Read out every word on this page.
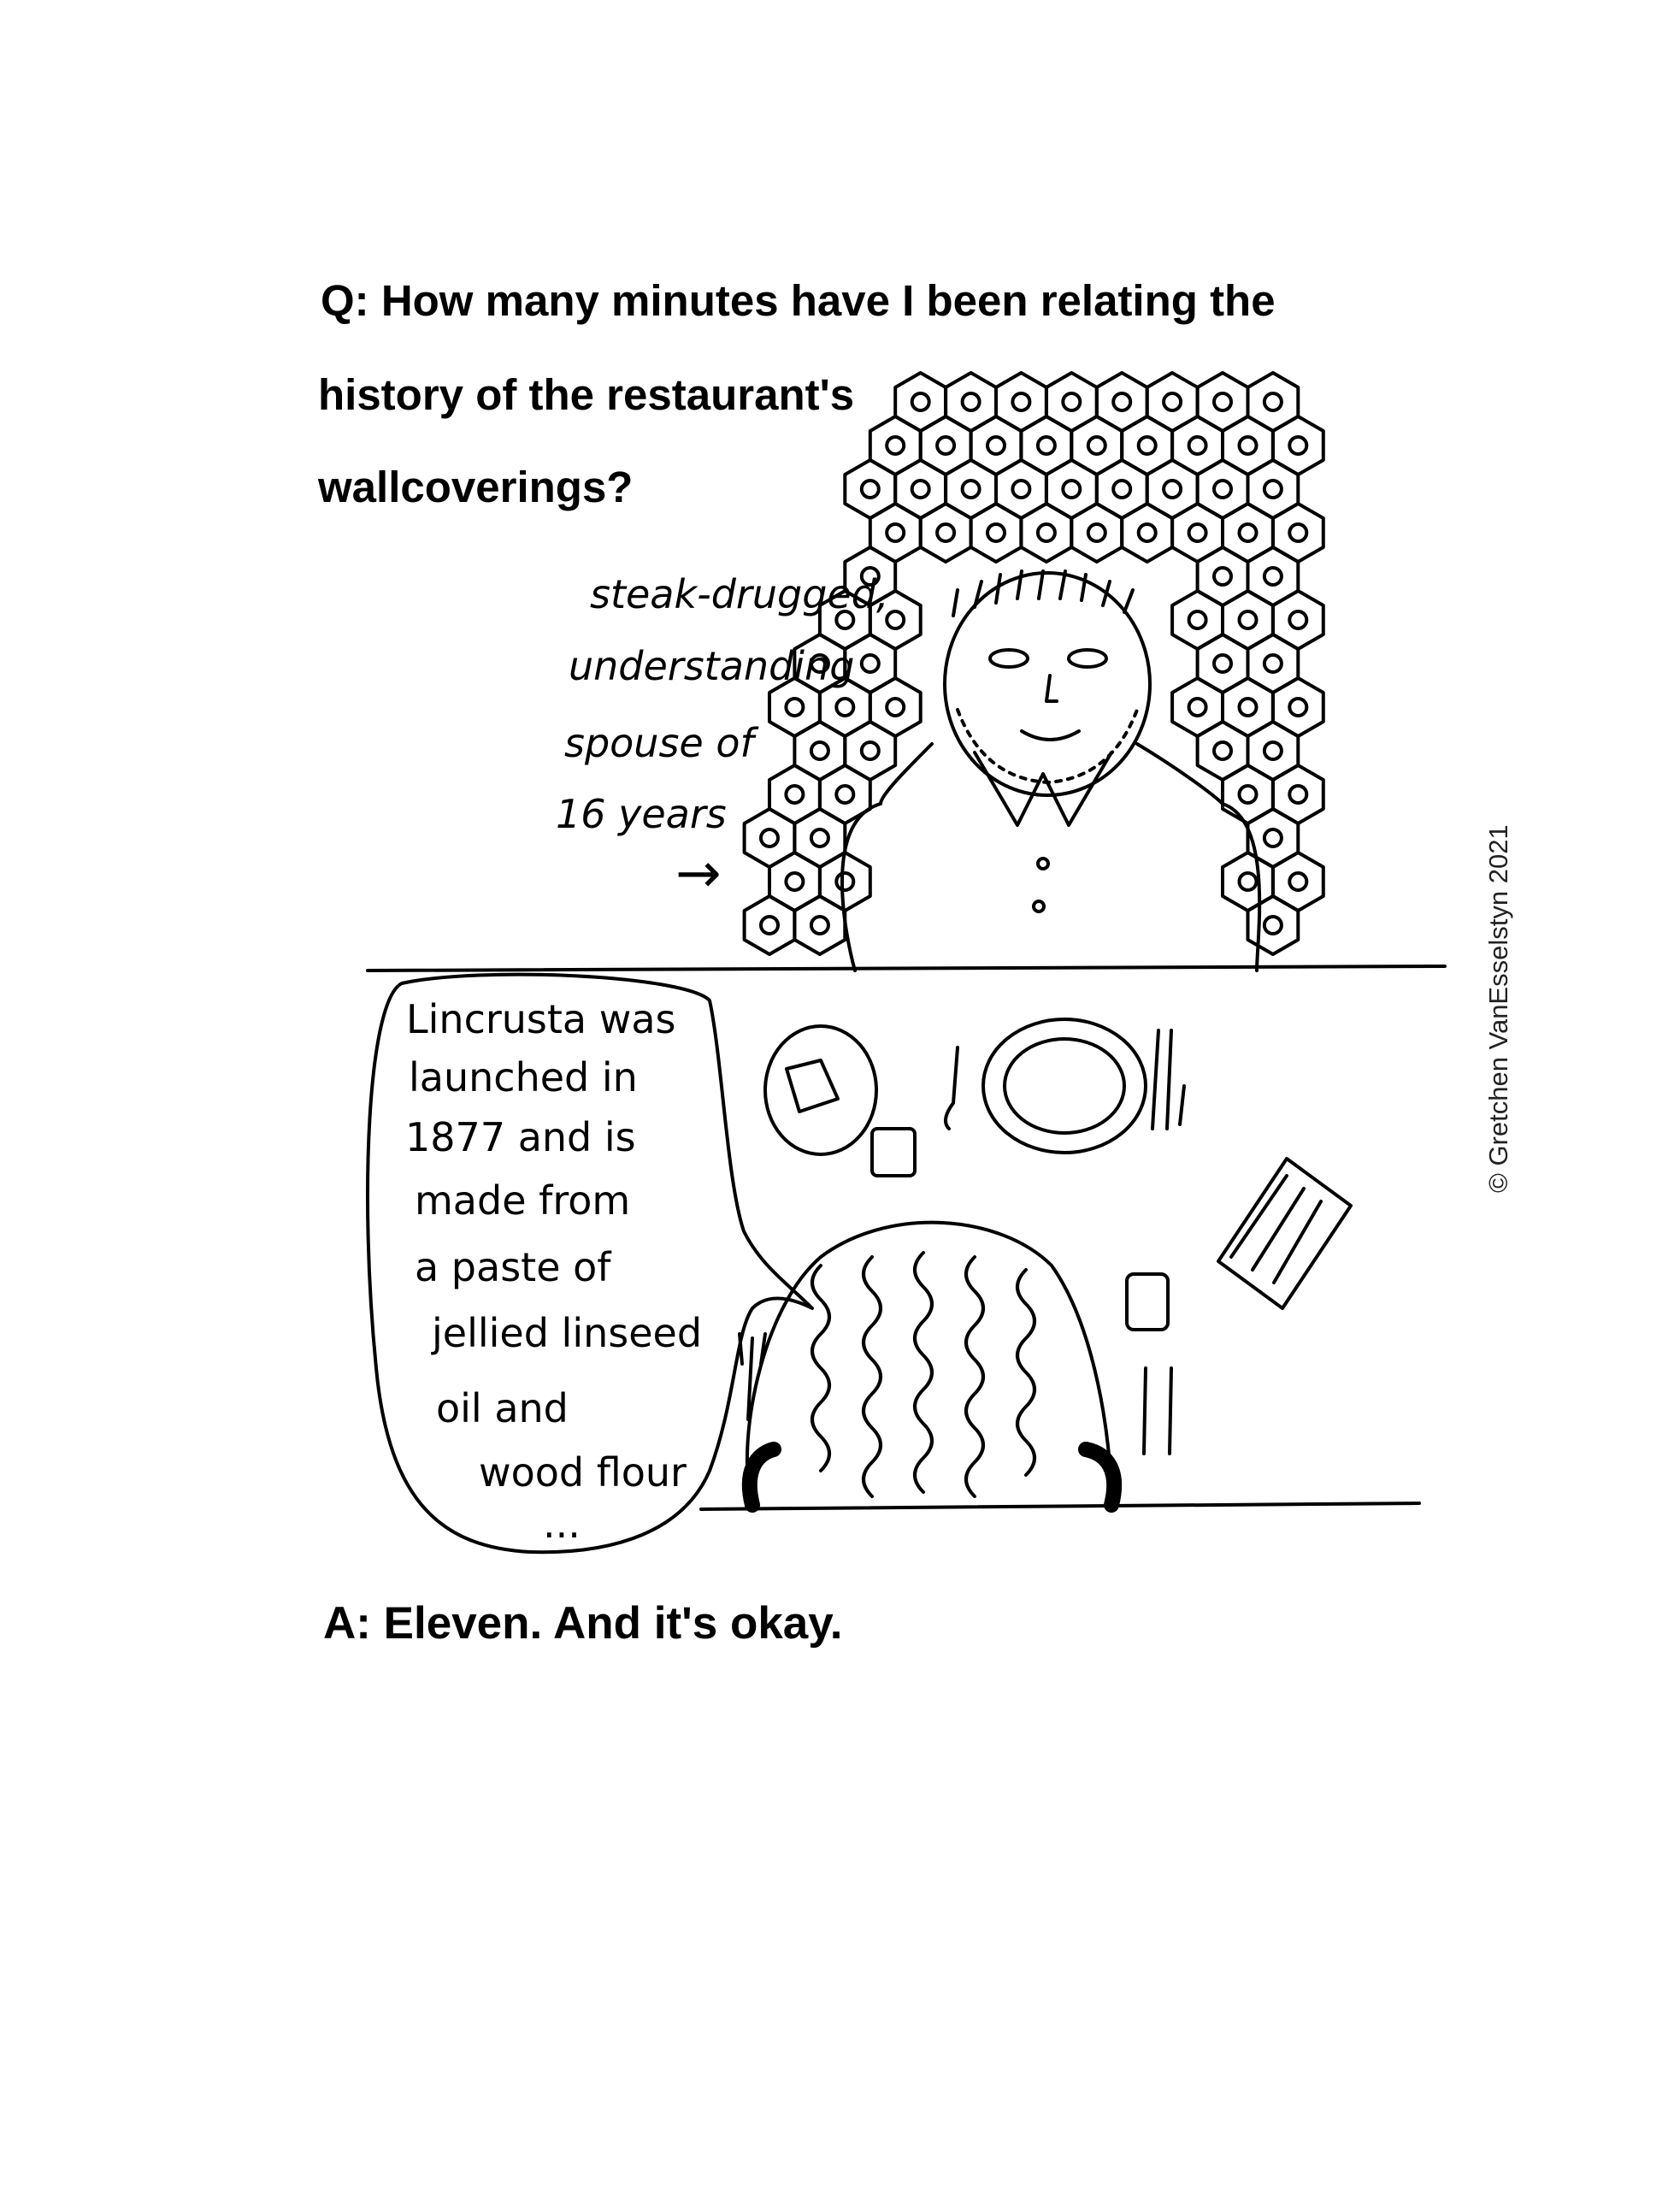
Q: How many minutes have I been relating the
history of the restaurant's
wallcoverings?
steak-drugged,
understanding
spouse of
16 years
→
Lincrusta was
launched in
1877 and is
made from
a paste of
jellied linseed
oil and
wood flour
...
A: Eleven. And it's okay.
© Gretchen VanEsselstyn 2021
